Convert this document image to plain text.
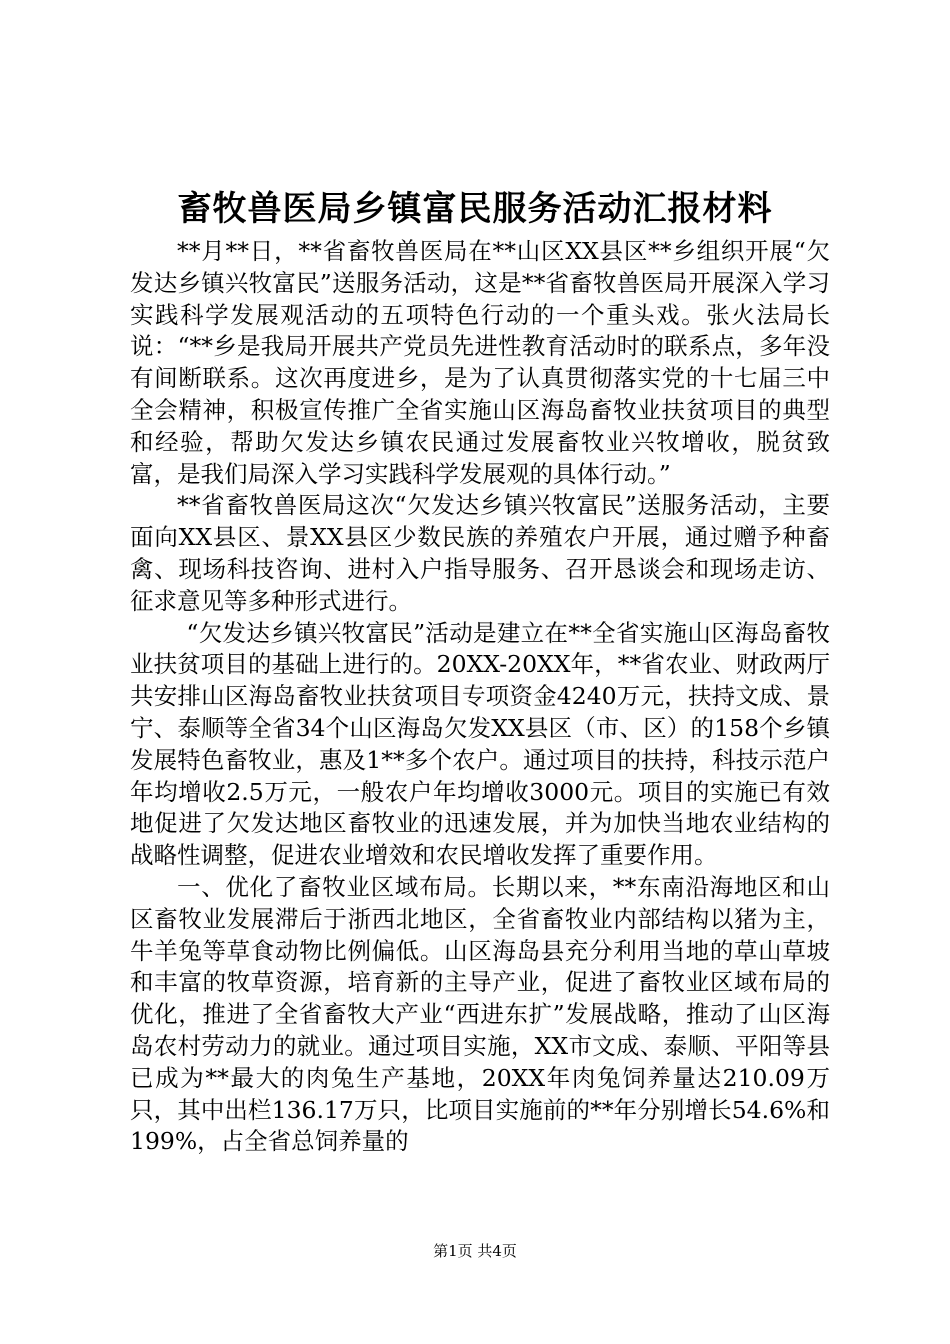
畜牧兽医局乡镇富民服务活动汇报材料

**月**日，**省畜牧兽医局在**山区XX县区**乡组织开展“欠发达乡镇兴牧富民”送服务活动，这是**省畜牧兽医局开展深入学习实践科学发展观活动的五项特色行动的一个重头戏。张火法局长说：“**乡是我局开展共产党员先进性教育活动时的联系点，多年没有间断联系。这次再度进乡，是为了认真贯彻落实党的十七届三中全会精神，积极宣传推广全省实施山区海岛畜牧业扶贫项目的典型和经验，帮助欠发达乡镇农民通过发展畜牧业兴牧增收，脱贫致富，是我们局深入学习实践科学发展观的具体行动。”

**省畜牧兽医局这次“欠发达乡镇兴牧富民”送服务活动，主要面向XX县区、景XX县区少数民族的养殖农户开展，通过赠予种畜禽、现场科技咨询、进村入户指导服务、召开恳谈会和现场走访、征求意见等多种形式进行。

“欠发达乡镇兴牧富民”活动是建立在**全省实施山区海岛畜牧业扶贫项目的基础上进行的。20XX-20XX年，**省农业、财政两厅共安排山区海岛畜牧业扶贫项目专项资金4240万元，扶持文成、景宁、泰顺等全省34个山区海岛欠发XX县区（市、区）的158个乡镇发展特色畜牧业，惠及1**多个农户。通过项目的扶持，科技示范户年均增收2.5万元，一般农户年均增收3000元。项目的实施已有效地促进了欠发达地区畜牧业的迅速发展，并为加快当地农业结构的战略性调整，促进农业增效和农民增收发挥了重要作用。

一、优化了畜牧业区域布局。长期以来，**东南沿海地区和山区畜牧业发展滞后于浙西北地区，全省畜牧业内部结构以猪为主，牛羊兔等草食动物比例偏低。山区海岛县充分利用当地的草山草坡和丰富的牧草资源，培育新的主导产业，促进了畜牧业区域布局的优化，推进了全省畜牧大产业“西进东扩”发展战略，推动了山区海岛农村劳动力的就业。通过项目实施，XX市文成、泰顺、平阳等县已成为**最大的肉兔生产基地，20XX年肉兔饲养量达210.09万只，其中出栏136.17万只，比项目实施前的**年分别增长54.6%和199%，占全省总饲养量的

第1页 共4页
